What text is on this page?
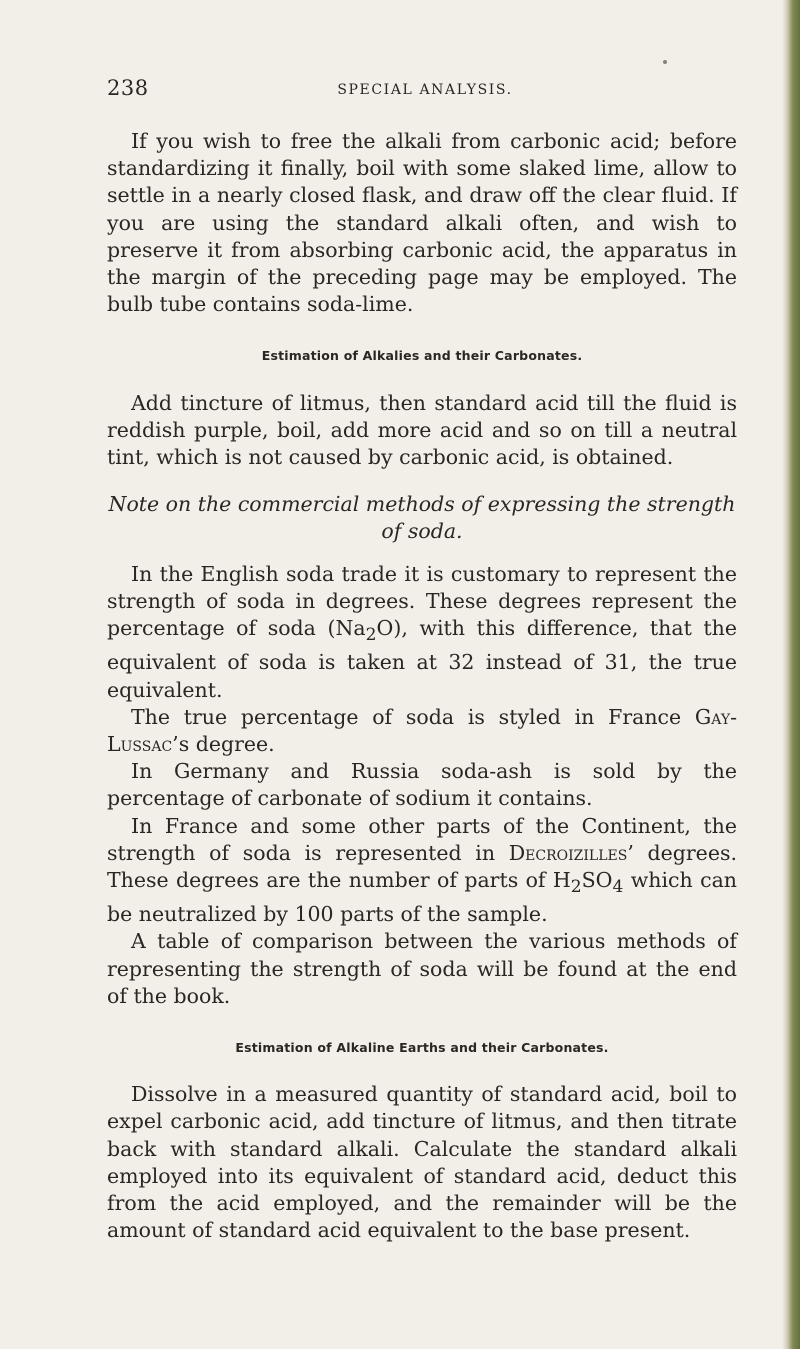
238	SPECIAL ANALYSIS.

If you wish to free the alkali from carbonic acid; before standardizing it finally, boil with some slaked lime, allow to settle in a nearly closed flask, and draw off the clear fluid. If you are using the standard alkali often, and wish to preserve it from absorbing carbonic acid, the apparatus in the margin of the preceding page may be employed. The bulb tube contains soda-lime.

Estimation of Alkalies and their Carbonates.

Add tincture of litmus, then standard acid till the fluid is reddish purple, boil, add more acid and so on till a neutral tint, which is not caused by carbonic acid, is obtained.

Note on the commercial methods of expressing the strength of soda.

In the English soda trade it is customary to represent the strength of soda in degrees. These degrees represent the percentage of soda $(Na_2O)$, with this difference, that the equivalent of soda is taken at 32 instead of 31, the true equivalent.

The true percentage of soda is styled in France Gay-Lussac’s degree.

In Germany and Russia soda-ash is sold by the percentage of carbonate of sodium it contains.

In France and some other parts of the Continent, the strength of soda is represented in Decroizilles’ degrees. These degrees are the number of parts of $H_2SO_4$ which can be neutralized by 100 parts of the sample.

A table of comparison between the various methods of representing the strength of soda will be found at the end of the book.

Estimation of Alkaline Earths and their Carbonates.

Dissolve in a measured quantity of standard acid, boil to expel carbonic acid, add tincture of litmus, and then titrate back with standard alkali. Calculate the standard alkali employed into its equivalent of standard acid, deduct this from the acid employed, and the remainder will be the amount of standard acid equivalent to the base present.
